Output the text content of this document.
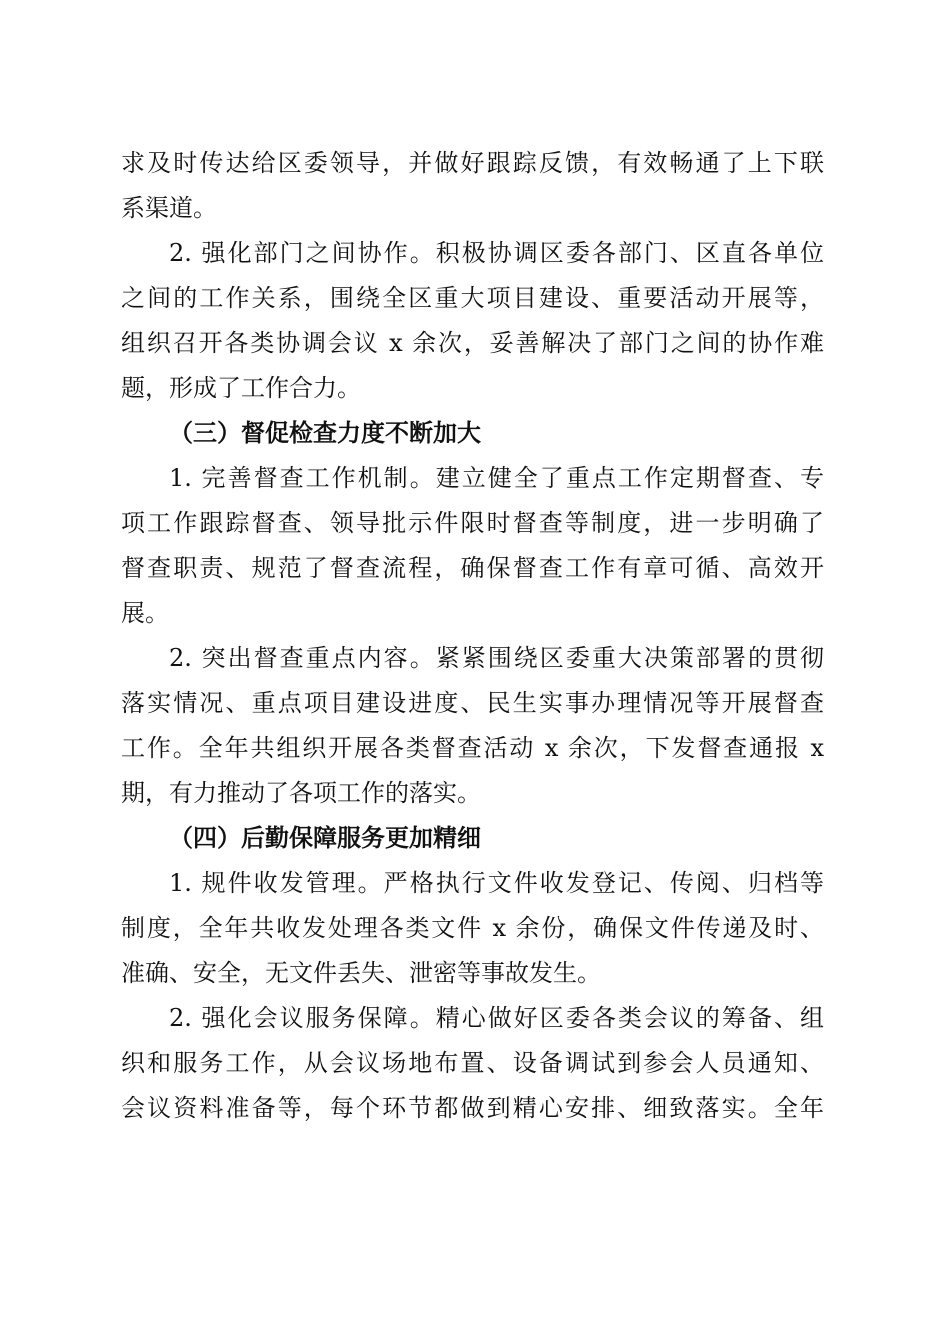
求及时传达给区委领导，并做好跟踪反馈，有效畅通了上下联
系渠道。
2. 强化部门之间协作。积极协调区委各部门、区直各单位
之间的工作关系，围绕全区重大项目建设、重要活动开展等，
组织召开各类协调会议 x 余次，妥善解决了部门之间的协作难
题，形成了工作合力。
（三）督促检查力度不断加大
1. 完善督查工作机制。建立健全了重点工作定期督查、专
项工作跟踪督查、领导批示件限时督查等制度，进一步明确了
督查职责、规范了督查流程，确保督查工作有章可循、高效开
展。
2. 突出督查重点内容。紧紧围绕区委重大决策部署的贯彻
落实情况、重点项目建设进度、民生实事办理情况等开展督查
工作。全年共组织开展各类督查活动 x 余次，下发督查通报 x
期，有力推动了各项工作的落实。
（四）后勤保障服务更加精细
1. 规件收发管理。严格执行文件收发登记、传阅、归档等
制度，全年共收发处理各类文件 x 余份，确保文件传递及时、
准确、安全，无文件丢失、泄密等事故发生。
2. 强化会议服务保障。精心做好区委各类会议的筹备、组
织和服务工作，从会议场地布置、设备调试到参会人员通知、
会议资料准备等，每个环节都做到精心安排、细致落实。全年
